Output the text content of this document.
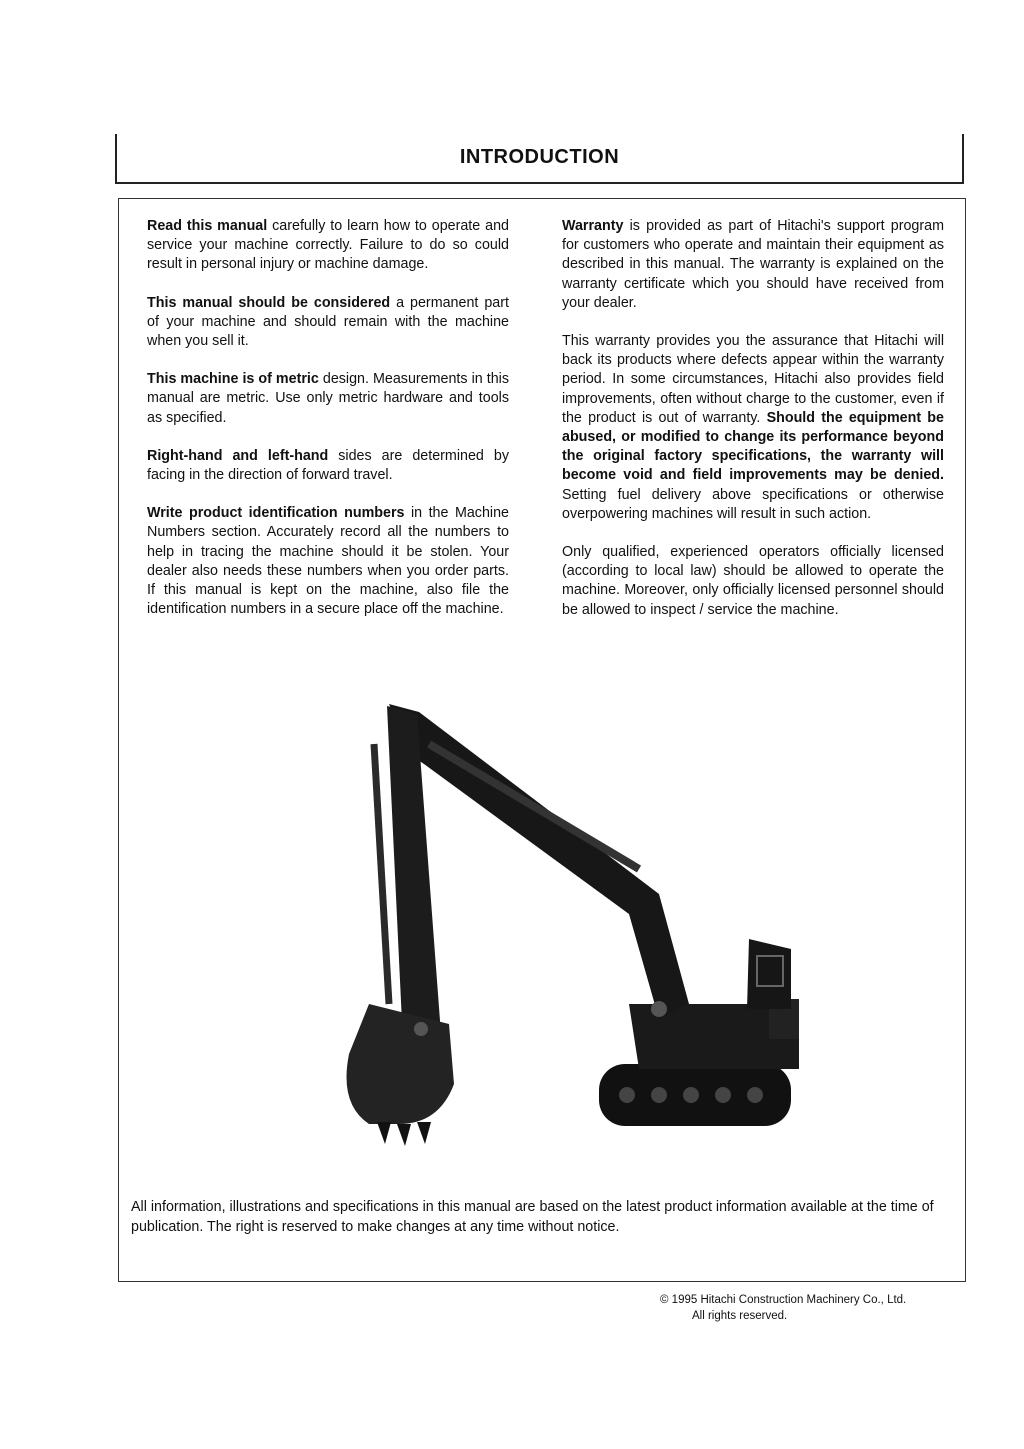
INTRODUCTION

Read this manual carefully to learn how to operate and service your machine correctly. Failure to do so could result in personal injury or machine damage.

This manual should be considered a permanent part of your machine and should remain with the machine when you sell it.

This machine is of metric design. Measurements in this manual are metric. Use only metric hardware and tools as specified.

Right-hand and left-hand sides are determined by facing in the direction of forward travel.

Write product identification numbers in the Machine Numbers section. Accurately record all the numbers to help in tracing the machine should it be stolen. Your dealer also needs these numbers when you order parts. If this manual is kept on the machine, also file the identification numbers in a secure place off the machine.

Warranty is provided as part of Hitachi's support program for customers who operate and maintain their equipment as described in this manual. The warranty is explained on the warranty certificate which you should have received from your dealer.

This warranty provides you the assurance that Hitachi will back its products where defects appear within the warranty period. In some circumstances, Hitachi also provides field improvements, often without charge to the customer, even if the product is out of warranty. Should the equipment be abused, or modified to change its performance beyond the original factory specifications, the warranty will become void and field improvements may be denied. Setting fuel delivery above specifications or otherwise overpowering machines will result in such action.

Only qualified, experienced operators officially licensed (according to local law) should be allowed to operate the machine. Moreover, only officially licensed personnel should be allowed to inspect / service the machine.

All information, illustrations and specifications in this manual are based on the latest product information available at the time of publication. The right is reserved to make changes at any time without notice.
© 1995 Hitachi Construction Machinery Co., Ltd.
All rights reserved.
